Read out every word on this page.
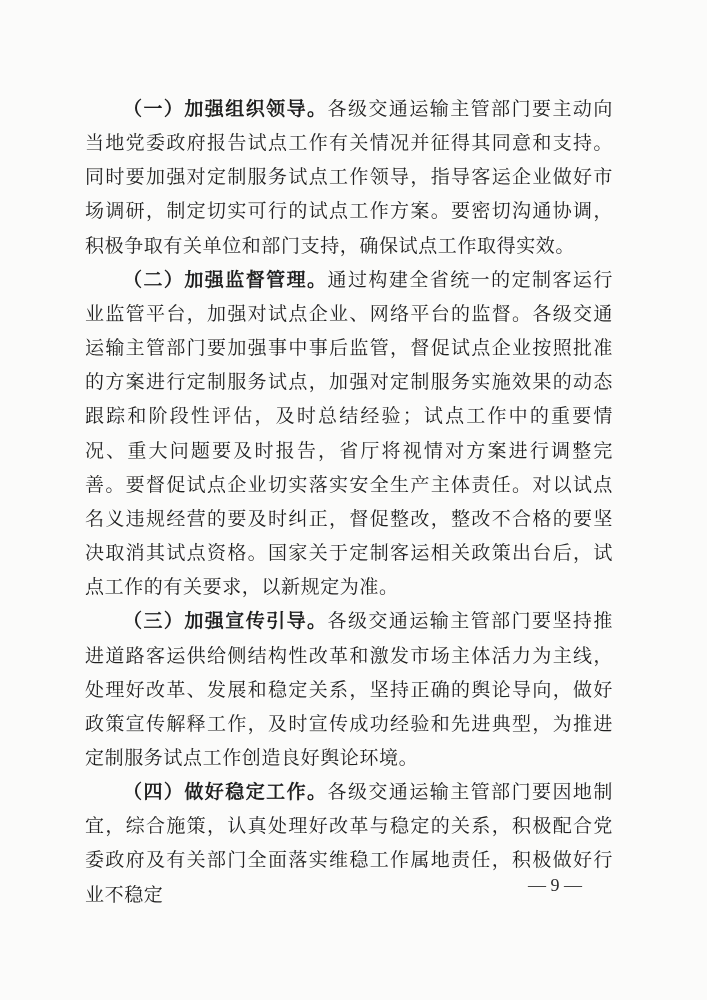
（一）加强组织领导。各级交通运输主管部门要主动向当地党委政府报告试点工作有关情况并征得其同意和支持。同时要加强对定制服务试点工作领导，指导客运企业做好市场调研，制定切实可行的试点工作方案。要密切沟通协调，积极争取有关单位和部门支持，确保试点工作取得实效。

（二）加强监督管理。通过构建全省统一的定制客运行业监管平台，加强对试点企业、网络平台的监督。各级交通运输主管部门要加强事中事后监管，督促试点企业按照批准的方案进行定制服务试点，加强对定制服务实施效果的动态跟踪和阶段性评估，及时总结经验；试点工作中的重要情况、重大问题要及时报告，省厅将视情对方案进行调整完善。要督促试点企业切实落实安全生产主体责任。对以试点名义违规经营的要及时纠正，督促整改，整改不合格的要坚决取消其试点资格。国家关于定制客运相关政策出台后，试点工作的有关要求，以新规定为准。

（三）加强宣传引导。各级交通运输主管部门要坚持推进道路客运供给侧结构性改革和激发市场主体活力为主线，处理好改革、发展和稳定关系，坚持正确的舆论导向，做好政策宣传解释工作，及时宣传成功经验和先进典型，为推进定制服务试点工作创造良好舆论环境。

（四）做好稳定工作。各级交通运输主管部门要因地制宜，综合施策，认真处理好改革与稳定的关系，积极配合党委政府及有关部门全面落实维稳工作属地责任，积极做好行业不稳定	— 9 —
